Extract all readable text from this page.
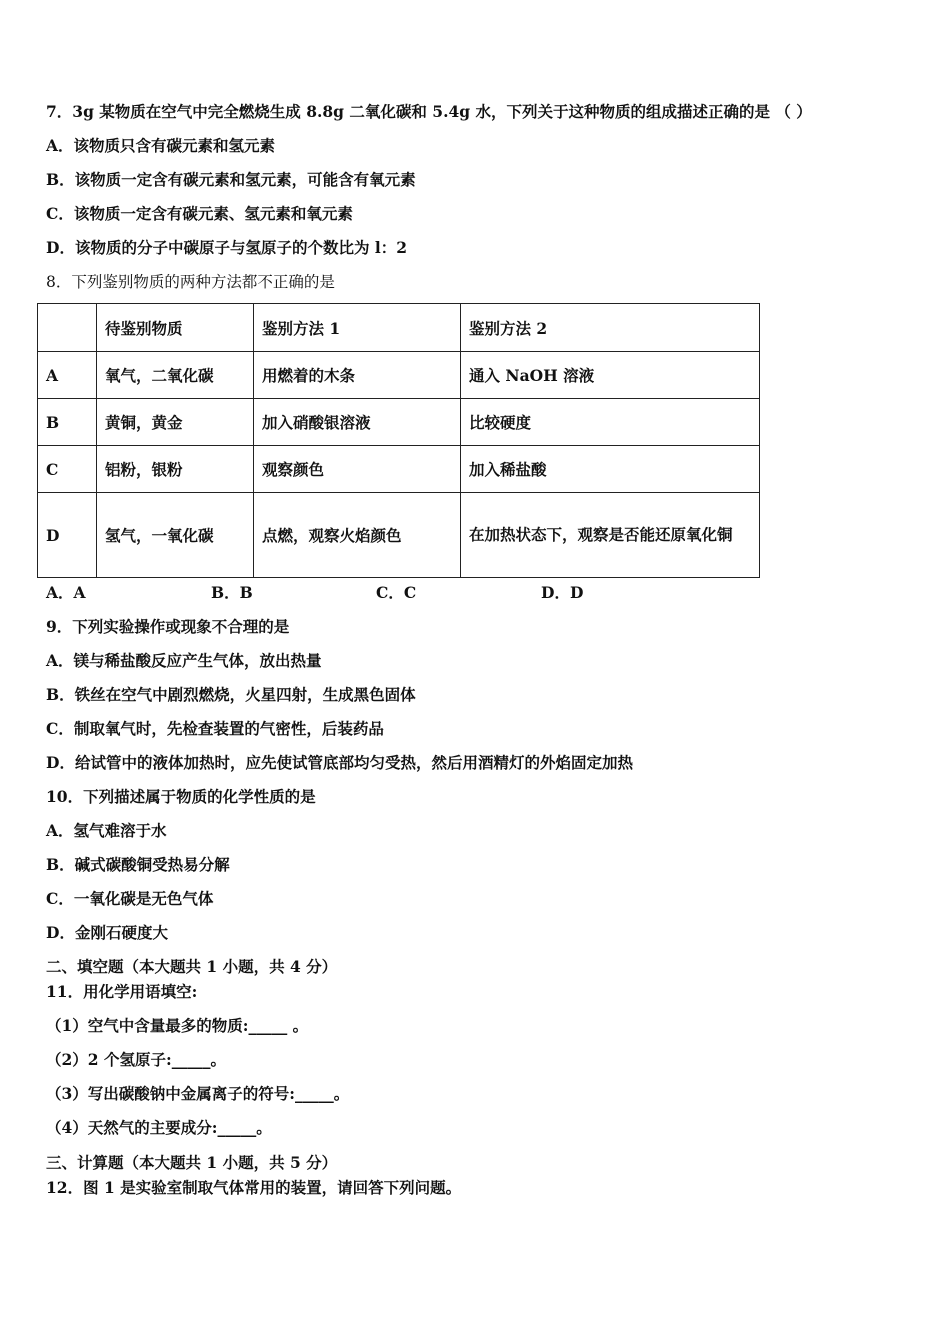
7．3g 某物质在空气中完全燃烧生成 8.8g 二氧化碳和 5.4g 水，下列关于这种物质的组成描述正确的是 （ ）
A．该物质只含有碳元素和氢元素
B．该物质一定含有碳元素和氢元素，可能含有氧元素
C．该物质一定含有碳元素、氢元素和氧元素
D．该物质的分子中碳原子与氢原子的个数比为 l：2
8．下列鉴别物质的两种方法都不正确的是
	待鉴别物质	鉴别方法 1	鉴别方法 2
A	氧气，二氧化碳	用燃着的木条	通入 NaOH 溶液
B	黄铜，黄金	加入硝酸银溶液	比较硬度
C	铝粉，银粉	观察颜色	加入稀盐酸
D	氢气，一氧化碳	点燃，观察火焰颜色	在加热状态下，观察是否能还原氧化铜
A．A	B．B	C．C	D．D
9．下列实验操作或现象不合理的是
A．镁与稀盐酸反应产生气体，放出热量
B．铁丝在空气中剧烈燃烧，火星四射，生成黑色固体
C．制取氧气时，先检查装置的气密性，后装药品
D．给试管中的液体加热时，应先使试管底部均匀受热，然后用酒精灯的外焰固定加热
10．下列描述属于物质的化学性质的是
A．氢气难溶于水
B．碱式碳酸铜受热易分解
C．一氧化碳是无色气体
D．金刚石硬度大
二、填空题（本大题共 1 小题，共 4 分）
11．用化学用语填空:
（1）空气中含量最多的物质:_____ 。
（2）2 个氢原子:_____。
（3）写出碳酸钠中金属离子的符号:_____。
（4）天然气的主要成分:_____。
三、计算题（本大题共 1 小题，共 5 分）
12．图 1 是实验室制取气体常用的装置，请回答下列问题。
